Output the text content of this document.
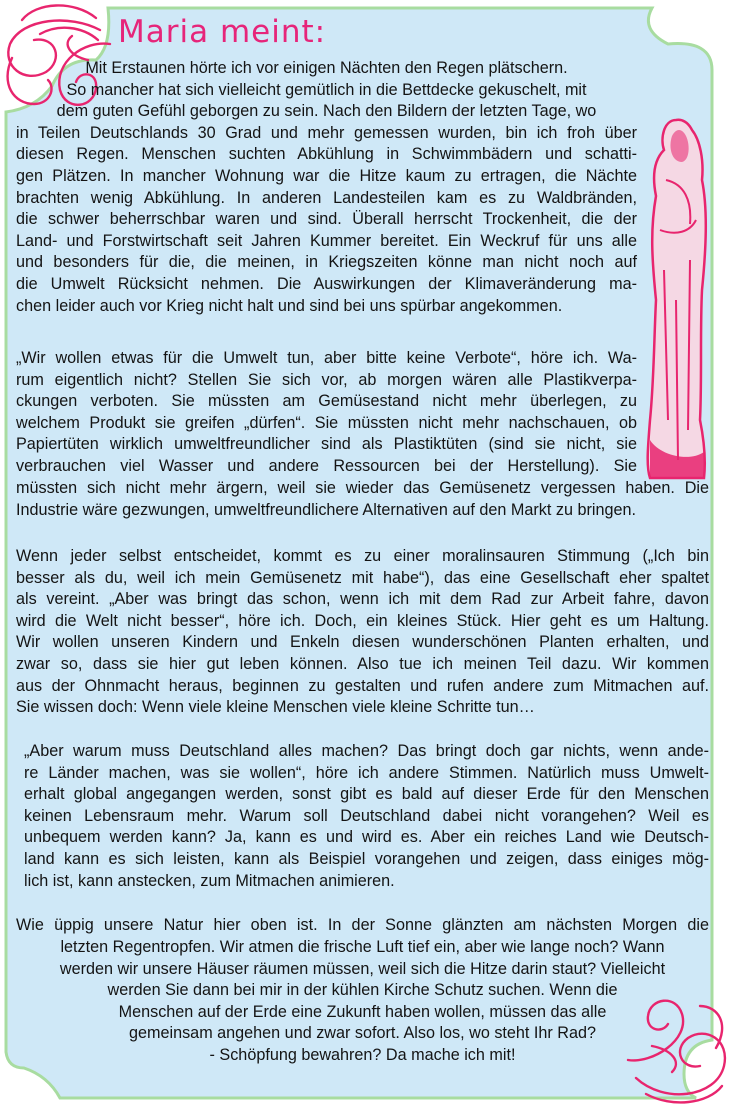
Maria meint:
Mit Erstaunen hörte ich vor einigen Nächten den Regen plätschern.
So mancher hat sich vielleicht gemütlich in die Bettdecke gekuschelt, mit
dem guten Gefühl geborgen zu sein. Nach den Bildern der letzten Tage, wo
in Teilen Deutschlands 30 Grad und mehr gemessen wurden, bin ich froh über
diesen Regen. Menschen suchten Abkühlung in Schwimmbädern und schatti-
gen Plätzen. In mancher Wohnung war die Hitze kaum zu ertragen, die Nächte
brachten wenig Abkühlung. In anderen Landesteilen kam es zu Waldbränden,
die schwer beherrschbar waren und sind. Überall herrscht Trockenheit, die der
Land- und Forstwirtschaft seit Jahren Kummer bereitet. Ein Weckruf für uns alle
und besonders für die, die meinen, in Kriegszeiten könne man nicht noch auf
die Umwelt Rücksicht nehmen. Die Auswirkungen der Klimaveränderung ma-
chen leider auch vor Krieg nicht halt und sind bei uns spürbar angekommen.
„Wir wollen etwas für die Umwelt tun, aber bitte keine Verbote“, höre ich. Wa-
rum eigentlich nicht? Stellen Sie sich vor, ab morgen wären alle Plastikverpa-
ckungen verboten. Sie müssten am Gemüsestand nicht mehr überlegen, zu
welchem Produkt sie greifen „dürfen“. Sie müssten nicht mehr nachschauen, ob
Papiertüten wirklich umweltfreundlicher sind als Plastiktüten (sind sie nicht, sie
verbrauchen viel Wasser und andere Ressourcen bei der Herstellung). Sie
müssten sich nicht mehr ärgern, weil sie wieder das Gemüsenetz vergessen haben. Die
Industrie wäre gezwungen, umweltfreundlichere Alternativen auf den Markt zu bringen.
Wenn jeder selbst entscheidet, kommt es zu einer moralinsauren Stimmung („Ich bin
besser als du, weil ich mein Gemüsenetz mit habe“), das eine Gesellschaft eher spaltet
als vereint. „Aber was bringt das schon, wenn ich mit dem Rad zur Arbeit fahre, davon
wird die Welt nicht besser“, höre ich. Doch, ein kleines Stück. Hier geht es um Haltung.
Wir wollen unseren Kindern und Enkeln diesen wunderschönen Planten erhalten, und
zwar so, dass sie hier gut leben können. Also tue ich meinen Teil dazu. Wir kommen
aus der Ohnmacht heraus, beginnen zu gestalten und rufen andere zum Mitmachen auf.
Sie wissen doch: Wenn viele kleine Menschen viele kleine Schritte tun…
„Aber warum muss Deutschland alles machen? Das bringt doch gar nichts, wenn ande-
re Länder machen, was sie wollen“, höre ich andere Stimmen. Natürlich muss Umwelt-
erhalt global angegangen werden, sonst gibt es bald auf dieser Erde für den Menschen
keinen Lebensraum mehr. Warum soll Deutschland dabei nicht vorangehen? Weil es
unbequem werden kann? Ja, kann es und wird es. Aber ein reiches Land wie Deutsch-
land kann es sich leisten, kann als Beispiel vorangehen und zeigen, dass einiges mög-
lich ist, kann anstecken, zum Mitmachen animieren.
Wie üppig unsere Natur hier oben ist. In der Sonne glänzten am nächsten Morgen die
letzten Regentropfen. Wir atmen die frische Luft tief ein, aber wie lange noch? Wann
werden wir unsere Häuser räumen müssen, weil sich die Hitze darin staut? Vielleicht
werden Sie dann bei mir in der kühlen Kirche Schutz suchen. Wenn die
Menschen auf der Erde eine Zukunft haben wollen, müssen das alle
gemeinsam angehen und zwar sofort. Also los, wo steht Ihr Rad?
- Schöpfung bewahren? Da mache ich mit!
